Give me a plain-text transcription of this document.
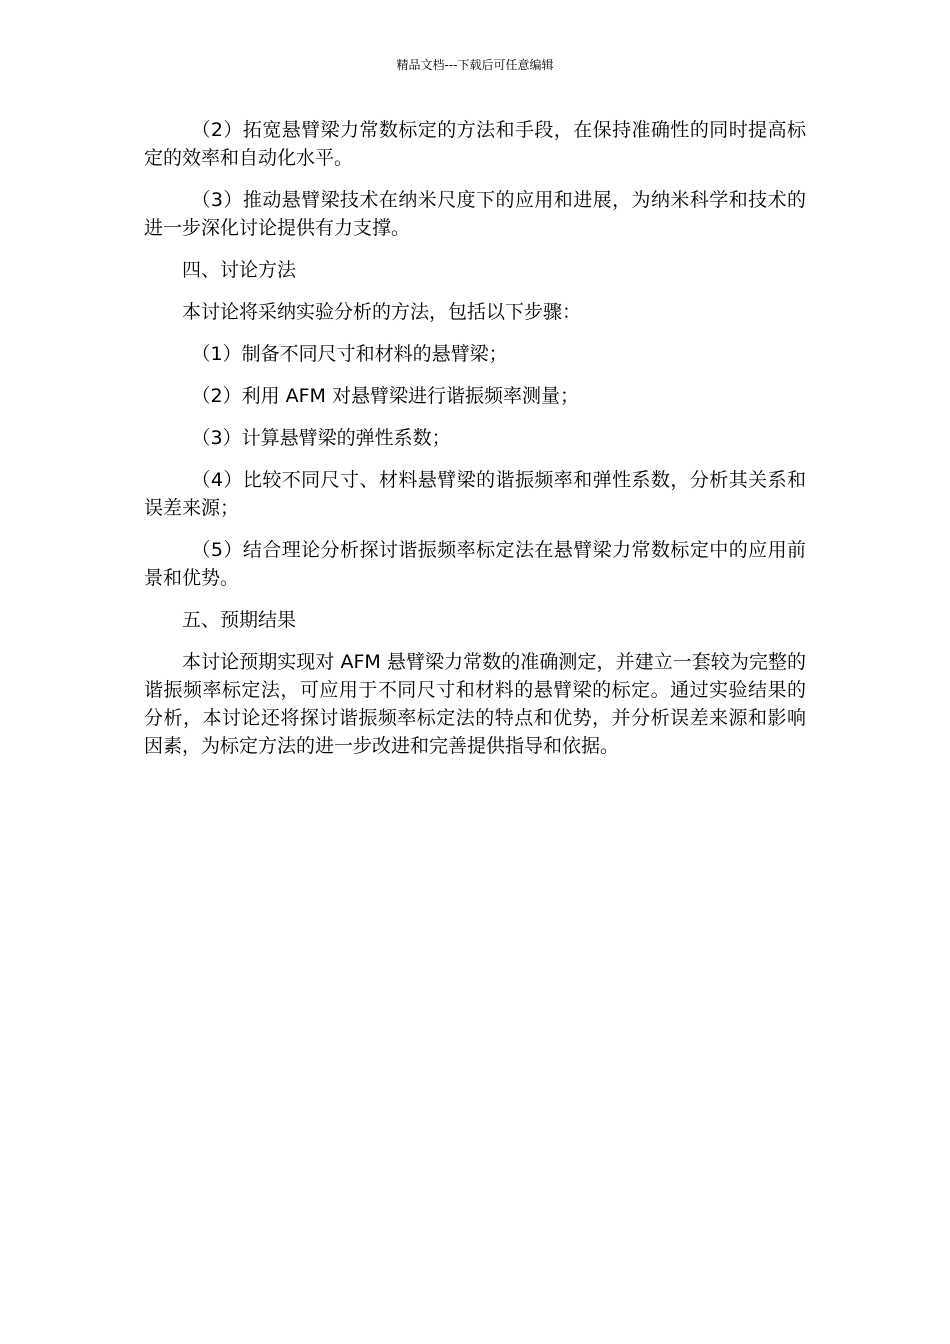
精品文档---下载后可任意编辑

（2）拓宽悬臂梁力常数标定的方法和手段，在保持准确性的同时提高标定的效率和自动化水平。

（3）推动悬臂梁技术在纳米尺度下的应用和进展，为纳米科学和技术的进一步深化讨论提供有力支撑。

四、讨论方法

本讨论将采纳实验分析的方法，包括以下步骤：

（1）制备不同尺寸和材料的悬臂梁；

（2）利用 AFM 对悬臂梁进行谐振频率测量；

（3）计算悬臂梁的弹性系数；

（4）比较不同尺寸、材料悬臂梁的谐振频率和弹性系数，分析其关系和误差来源；

（5）结合理论分析探讨谐振频率标定法在悬臂梁力常数标定中的应用前景和优势。

五、预期结果

本讨论预期实现对 AFM 悬臂梁力常数的准确测定，并建立一套较为完整的谐振频率标定法，可应用于不同尺寸和材料的悬臂梁的标定。通过实验结果的分析，本讨论还将探讨谐振频率标定法的特点和优势，并分析误差来源和影响因素，为标定方法的进一步改进和完善提供指导和依据。
